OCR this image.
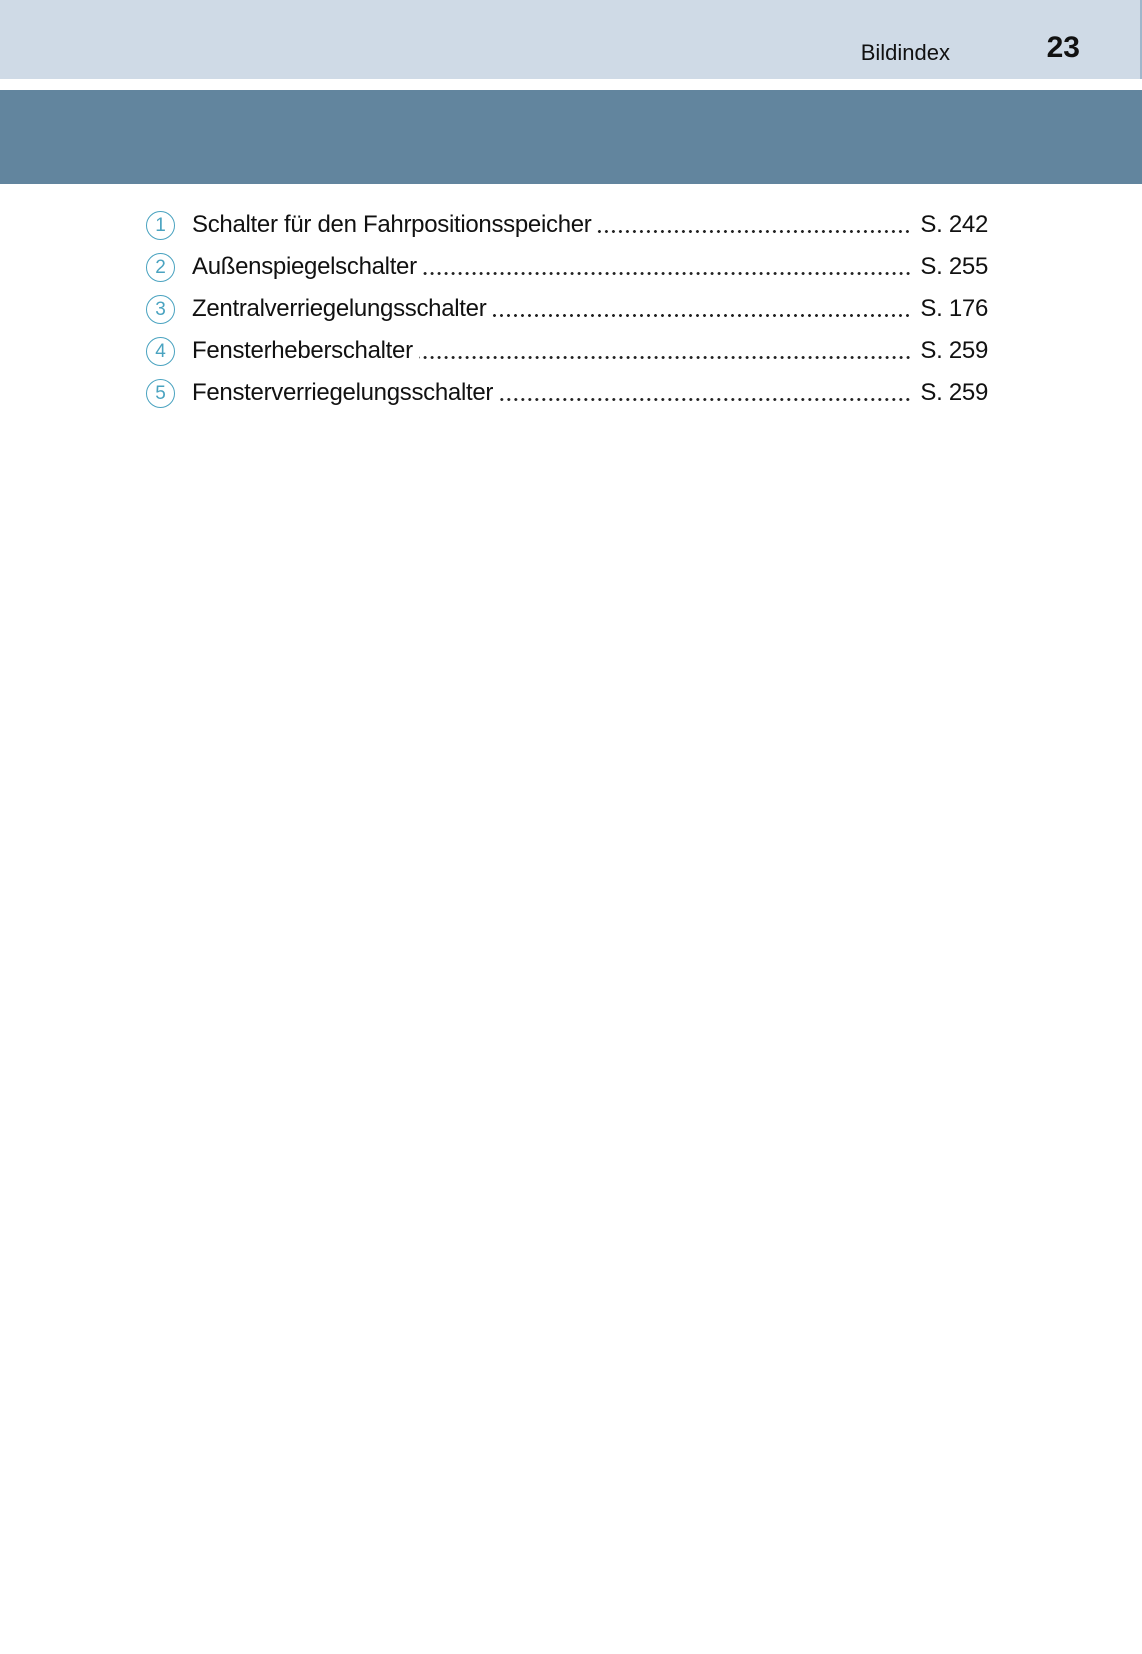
Bildindex	23
1	Schalter für den Fahrpositionsspeicher	S. 242
2	Außenspiegelschalter	S. 255
3	Zentralverriegelungsschalter	S. 176
4	Fensterheberschalter	S. 259
5	Fensterverriegelungsschalter	S. 259
